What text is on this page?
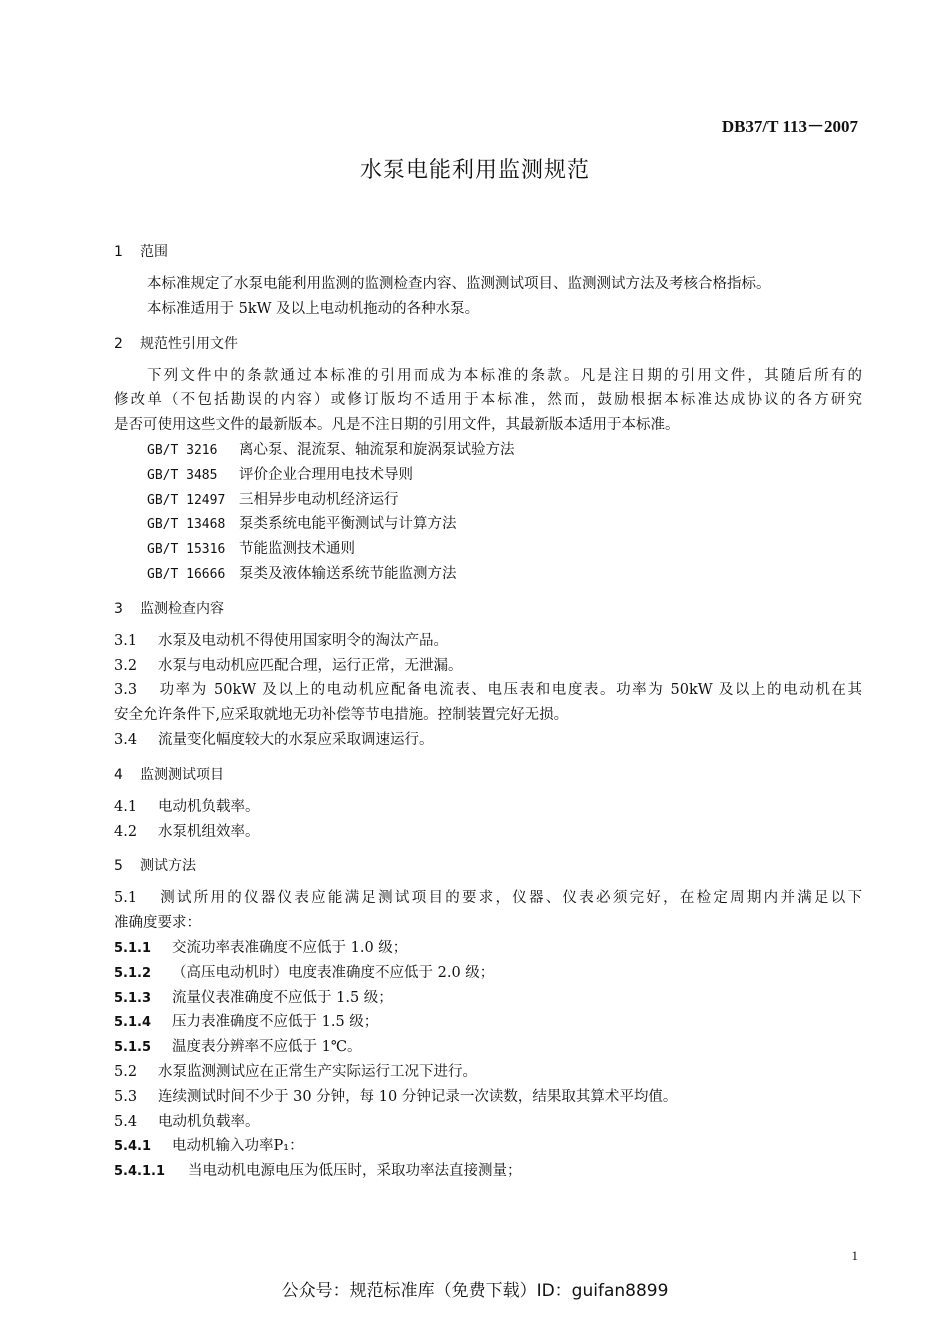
DB37/T 113－2007
水泵电能利用监测规范
1 范围
本标准规定了水泵电能利用监测的监测检查内容、监测测试项目、监测测试方法及考核合格指标。
本标准适用于 5kW 及以上电动机拖动的各种水泵。
2 规范性引用文件
下列文件中的条款通过本标准的引用而成为本标准的条款。凡是注日期的引用文件，其随后所有的
修改单（不包括勘误的内容）或修订版均不适用于本标准，然而，鼓励根据本标准达成协议的各方研究
是否可使用这些文件的最新版本。凡是不注日期的引用文件，其最新版本适用于本标准。
GB/T 3216 离心泵、混流泵、轴流泵和旋涡泵试验方法
GB/T 3485 评价企业合理用电技术导则
GB/T 12497 三相异步电动机经济运行
GB/T 13468 泵类系统电能平衡测试与计算方法
GB/T 15316 节能监测技术通则
GB/T 16666 泵类及液体输送系统节能监测方法
3 监测检查内容
3.1 水泵及电动机不得使用国家明令的淘汰产品。
3.2 水泵与电动机应匹配合理，运行正常，无泄漏。
3.3 功率为 50kW 及以上的电动机应配备电流表、电压表和电度表。功率为 50kW 及以上的电动机在其
安全允许条件下,应采取就地无功补偿等节电措施。控制装置完好无损。
3.4 流量变化幅度较大的水泵应采取调速运行。
4 监测测试项目
4.1 电动机负载率。
4.2 水泵机组效率。
5 测试方法
5.1 测试所用的仪器仪表应能满足测试项目的要求，仪器、仪表必须完好，在检定周期内并满足以下
准确度要求：
5.1.1 交流功率表准确度不应低于 1.0 级；
5.1.2 （高压电动机时）电度表准确度不应低于 2.0 级；
5.1.3 流量仪表准确度不应低于 1.5 级；
5.1.4 压力表准确度不应低于 1.5 级；
5.1.5 温度表分辨率不应低于 1℃。
5.2 水泵监测测试应在正常生产实际运行工况下进行。
5.3 连续测试时间不少于 30 分钟，每 10 分钟记录一次读数，结果取其算术平均值。
5.4 电动机负载率。
5.4.1 电动机输入功率P₁：
5.4.1.1 当电动机电源电压为低压时，采取功率法直接测量；
1
公众号：规范标准库（免费下载）ID：guifan8899
